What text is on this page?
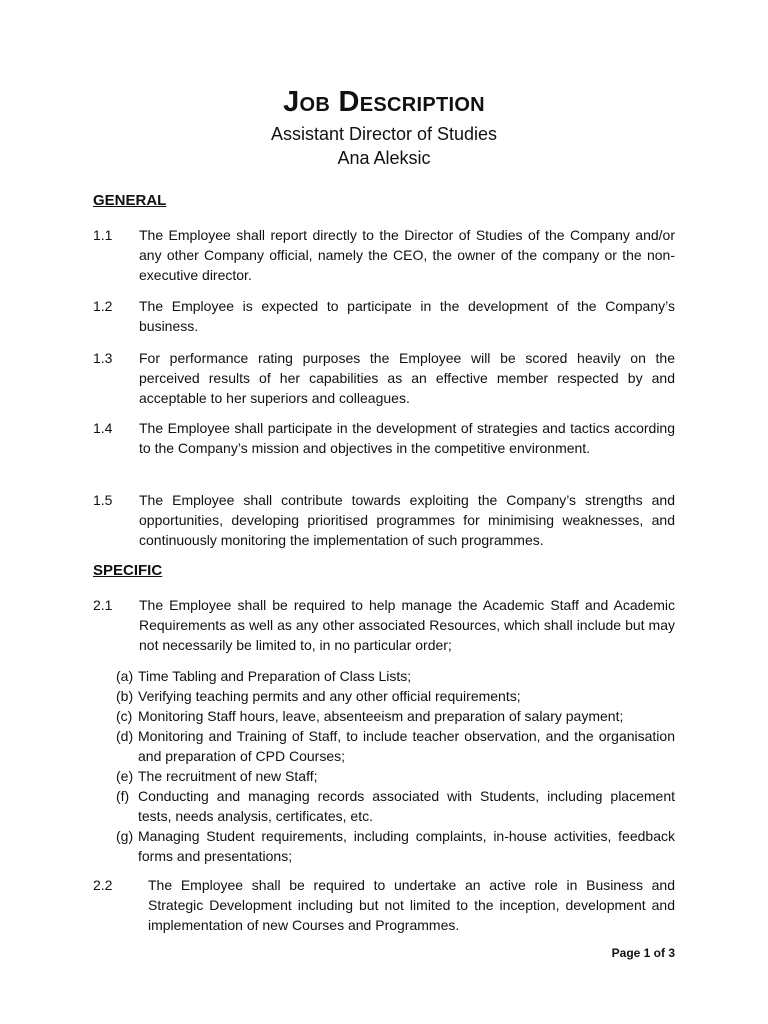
Job Description
Assistant Director of Studies
Ana Aleksic
GENERAL
1.1 The Employee shall report directly to the Director of Studies of the Company and/or any other Company official, namely the CEO, the owner of the company or the non-executive director.
1.2 The Employee is expected to participate in the development of the Company’s business.
1.3 For performance rating purposes the Employee will be scored heavily on the perceived results of her capabilities as an effective member respected by and acceptable to her superiors and colleagues.
1.4 The Employee shall participate in the development of strategies and tactics according to the Company’s mission and objectives in the competitive environment.
1.5 The Employee shall contribute towards exploiting the Company’s strengths and opportunities, developing prioritised programmes for minimising weaknesses, and continuously monitoring the implementation of such programmes.
SPECIFIC
2.1 The Employee shall be required to help manage the Academic Staff and Academic Requirements as well as any other associated Resources, which shall include but may not necessarily be limited to, in no particular order;
(a) Time Tabling and Preparation of Class Lists;
(b) Verifying teaching permits and any other official requirements;
(c) Monitoring Staff hours, leave, absenteeism and preparation of salary payment;
(d) Monitoring and Training of Staff, to include teacher observation, and the organisation and preparation of CPD Courses;
(e) The recruitment of new Staff;
(f) Conducting and managing records associated with Students, including placement tests, needs analysis, certificates, etc.
(g) Managing Student requirements, including complaints, in-house activities, feedback forms and presentations;
2.2	The Employee shall be required to undertake an active role in Business and Strategic Development including but not limited to the inception, development and implementation of new Courses and Programmes.
Page 1 of 3
